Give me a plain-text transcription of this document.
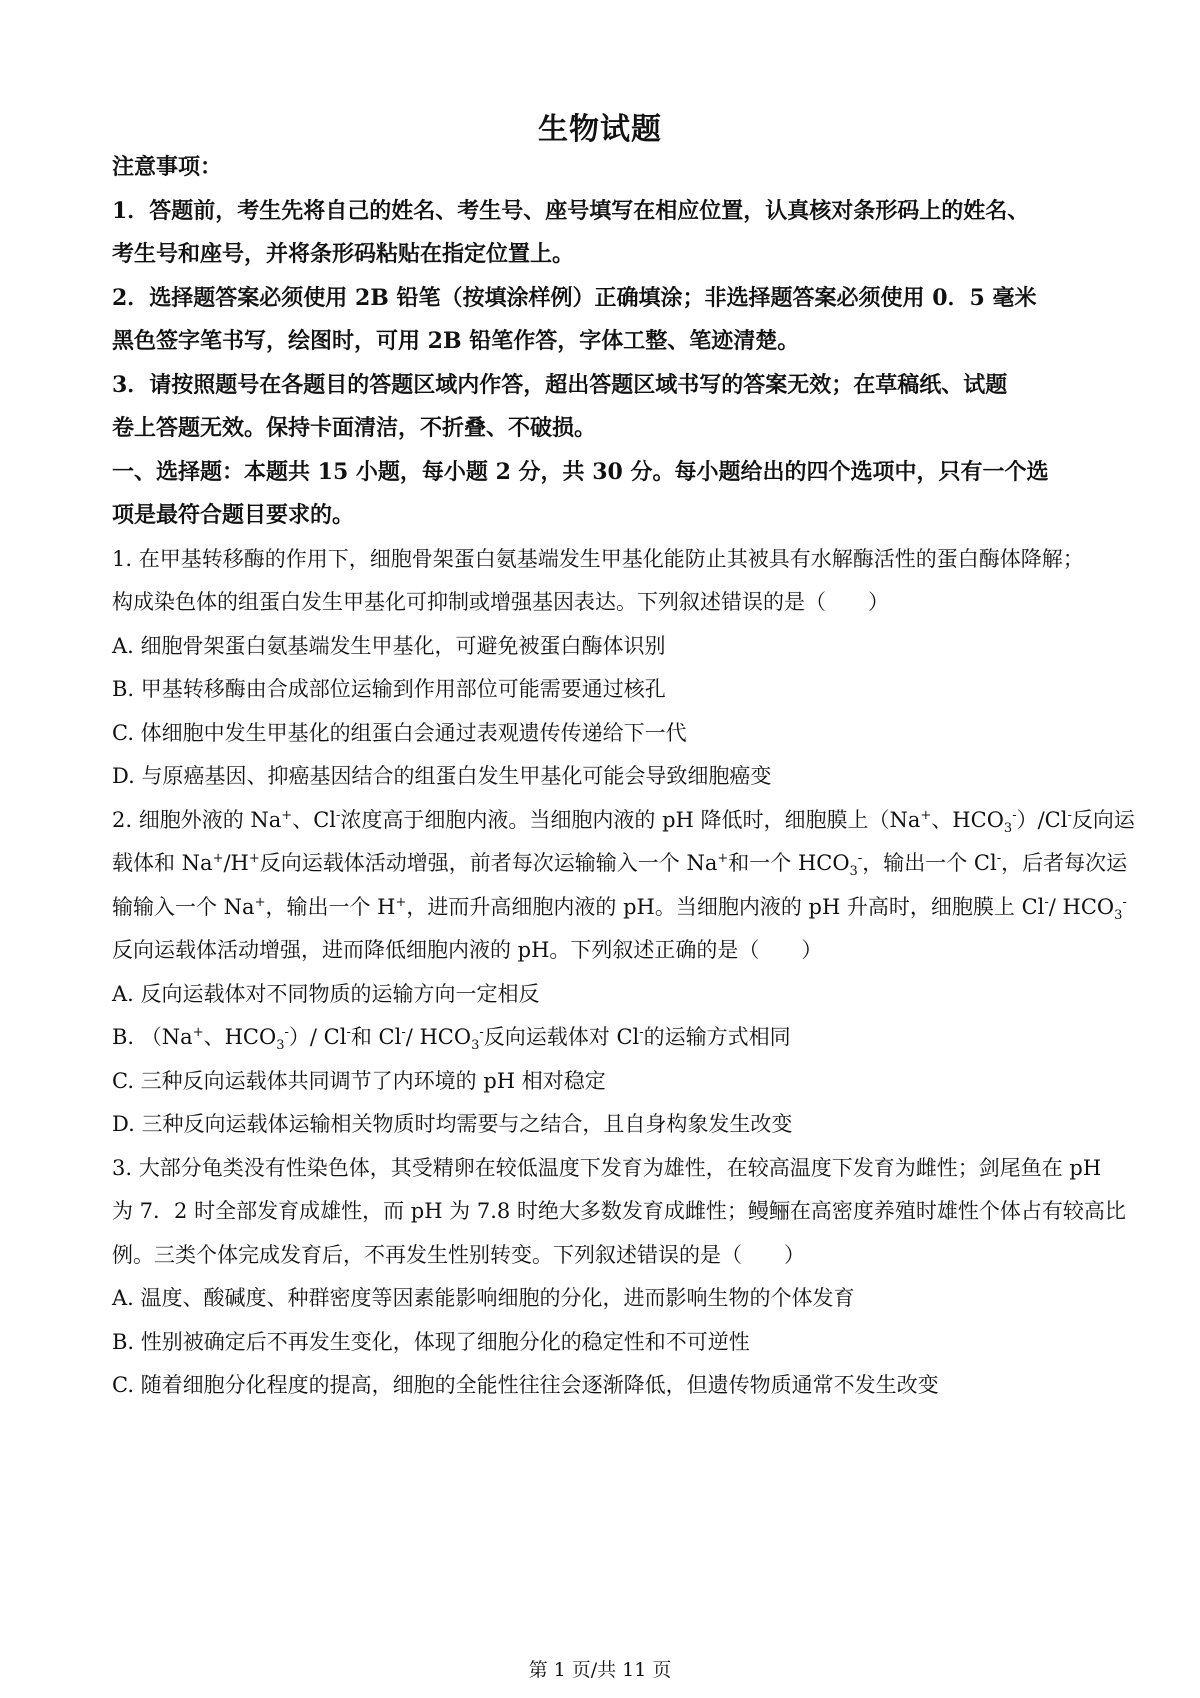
生物试题
注意事项：
1．答题前，考生先将自己的姓名、考生号、座号填写在相应位置，认真核对条形码上的姓名、
考生号和座号，并将条形码粘贴在指定位置上。
2．选择题答案必须使用 2B 铅笔（按填涂样例）正确填涂；非选择题答案必须使用 0．5 毫米
黑色签字笔书写，绘图时，可用 2B 铅笔作答，字体工整、笔迹清楚。
3．请按照题号在各题目的答题区域内作答，超出答题区域书写的答案无效；在草稿纸、试题
卷上答题无效。保持卡面清洁，不折叠、不破损。
一、选择题：本题共 15 小题，每小题 2 分，共 30 分。每小题给出的四个选项中，只有一个选
项是最符合题目要求的。
1. 在甲基转移酶的作用下，细胞骨架蛋白氨基端发生甲基化能防止其被具有水解酶活性的蛋白酶体降解；
构成染色体的组蛋白发生甲基化可抑制或增强基因表达。下列叙述错误的是（　　）
A. 细胞骨架蛋白氨基端发生甲基化，可避免被蛋白酶体识别
B. 甲基转移酶由合成部位运输到作用部位可能需要通过核孔
C. 体细胞中发生甲基化的组蛋白会通过表观遗传传递给下一代
D. 与原癌基因、抑癌基因结合的组蛋白发生甲基化可能会导致细胞癌变
2. 细胞外液的 Na+、Cl-浓度高于细胞内液。当细胞内液的 pH 降低时，细胞膜上（Na+、$HCO_3^-)/Cl^-$反向运
载体和 Na+/H+反向运载体活动增强，前者每次运输输入一个 Na+和一个 $HCO_3^-$，输出一个 Cl-，后者每次运
输输入一个 Na+，输出一个 H+，进而升高细胞内液的 pH。当细胞内液的 pH 升高时，细胞膜上 Cl-/ $HCO_3^-$
反向运载体活动增强，进而降低细胞内液的 pH。下列叙述正确的是（　　）
A. 反向运载体对不同物质的运输方向一定相反
B. （Na+、$HCO_3^-)/$ Cl-和 Cl-/ $HCO_3^-$反向运载体对 Cl-的运输方式相同
C. 三种反向运载体共同调节了内环境的 pH 相对稳定
D. 三种反向运载体运输相关物质时均需要与之结合，且自身构象发生改变
3. 大部分龟类没有性染色体，其受精卵在较低温度下发育为雄性，在较高温度下发育为雌性；剑尾鱼在 pH
为 7．2 时全部发育成雄性，而 pH 为 7.8 时绝大多数发育成雌性；鳗鲡在高密度养殖时雄性个体占有较高比
例。三类个体完成发育后，不再发生性别转变。下列叙述错误的是（　　）
A. 温度、酸碱度、种群密度等因素能影响细胞的分化，进而影响生物的个体发育
B. 性别被确定后不再发生变化，体现了细胞分化的稳定性和不可逆性
C. 随着细胞分化程度的提高，细胞的全能性往往会逐渐降低，但遗传物质通常不发生改变
第 1 页/共 11 页
